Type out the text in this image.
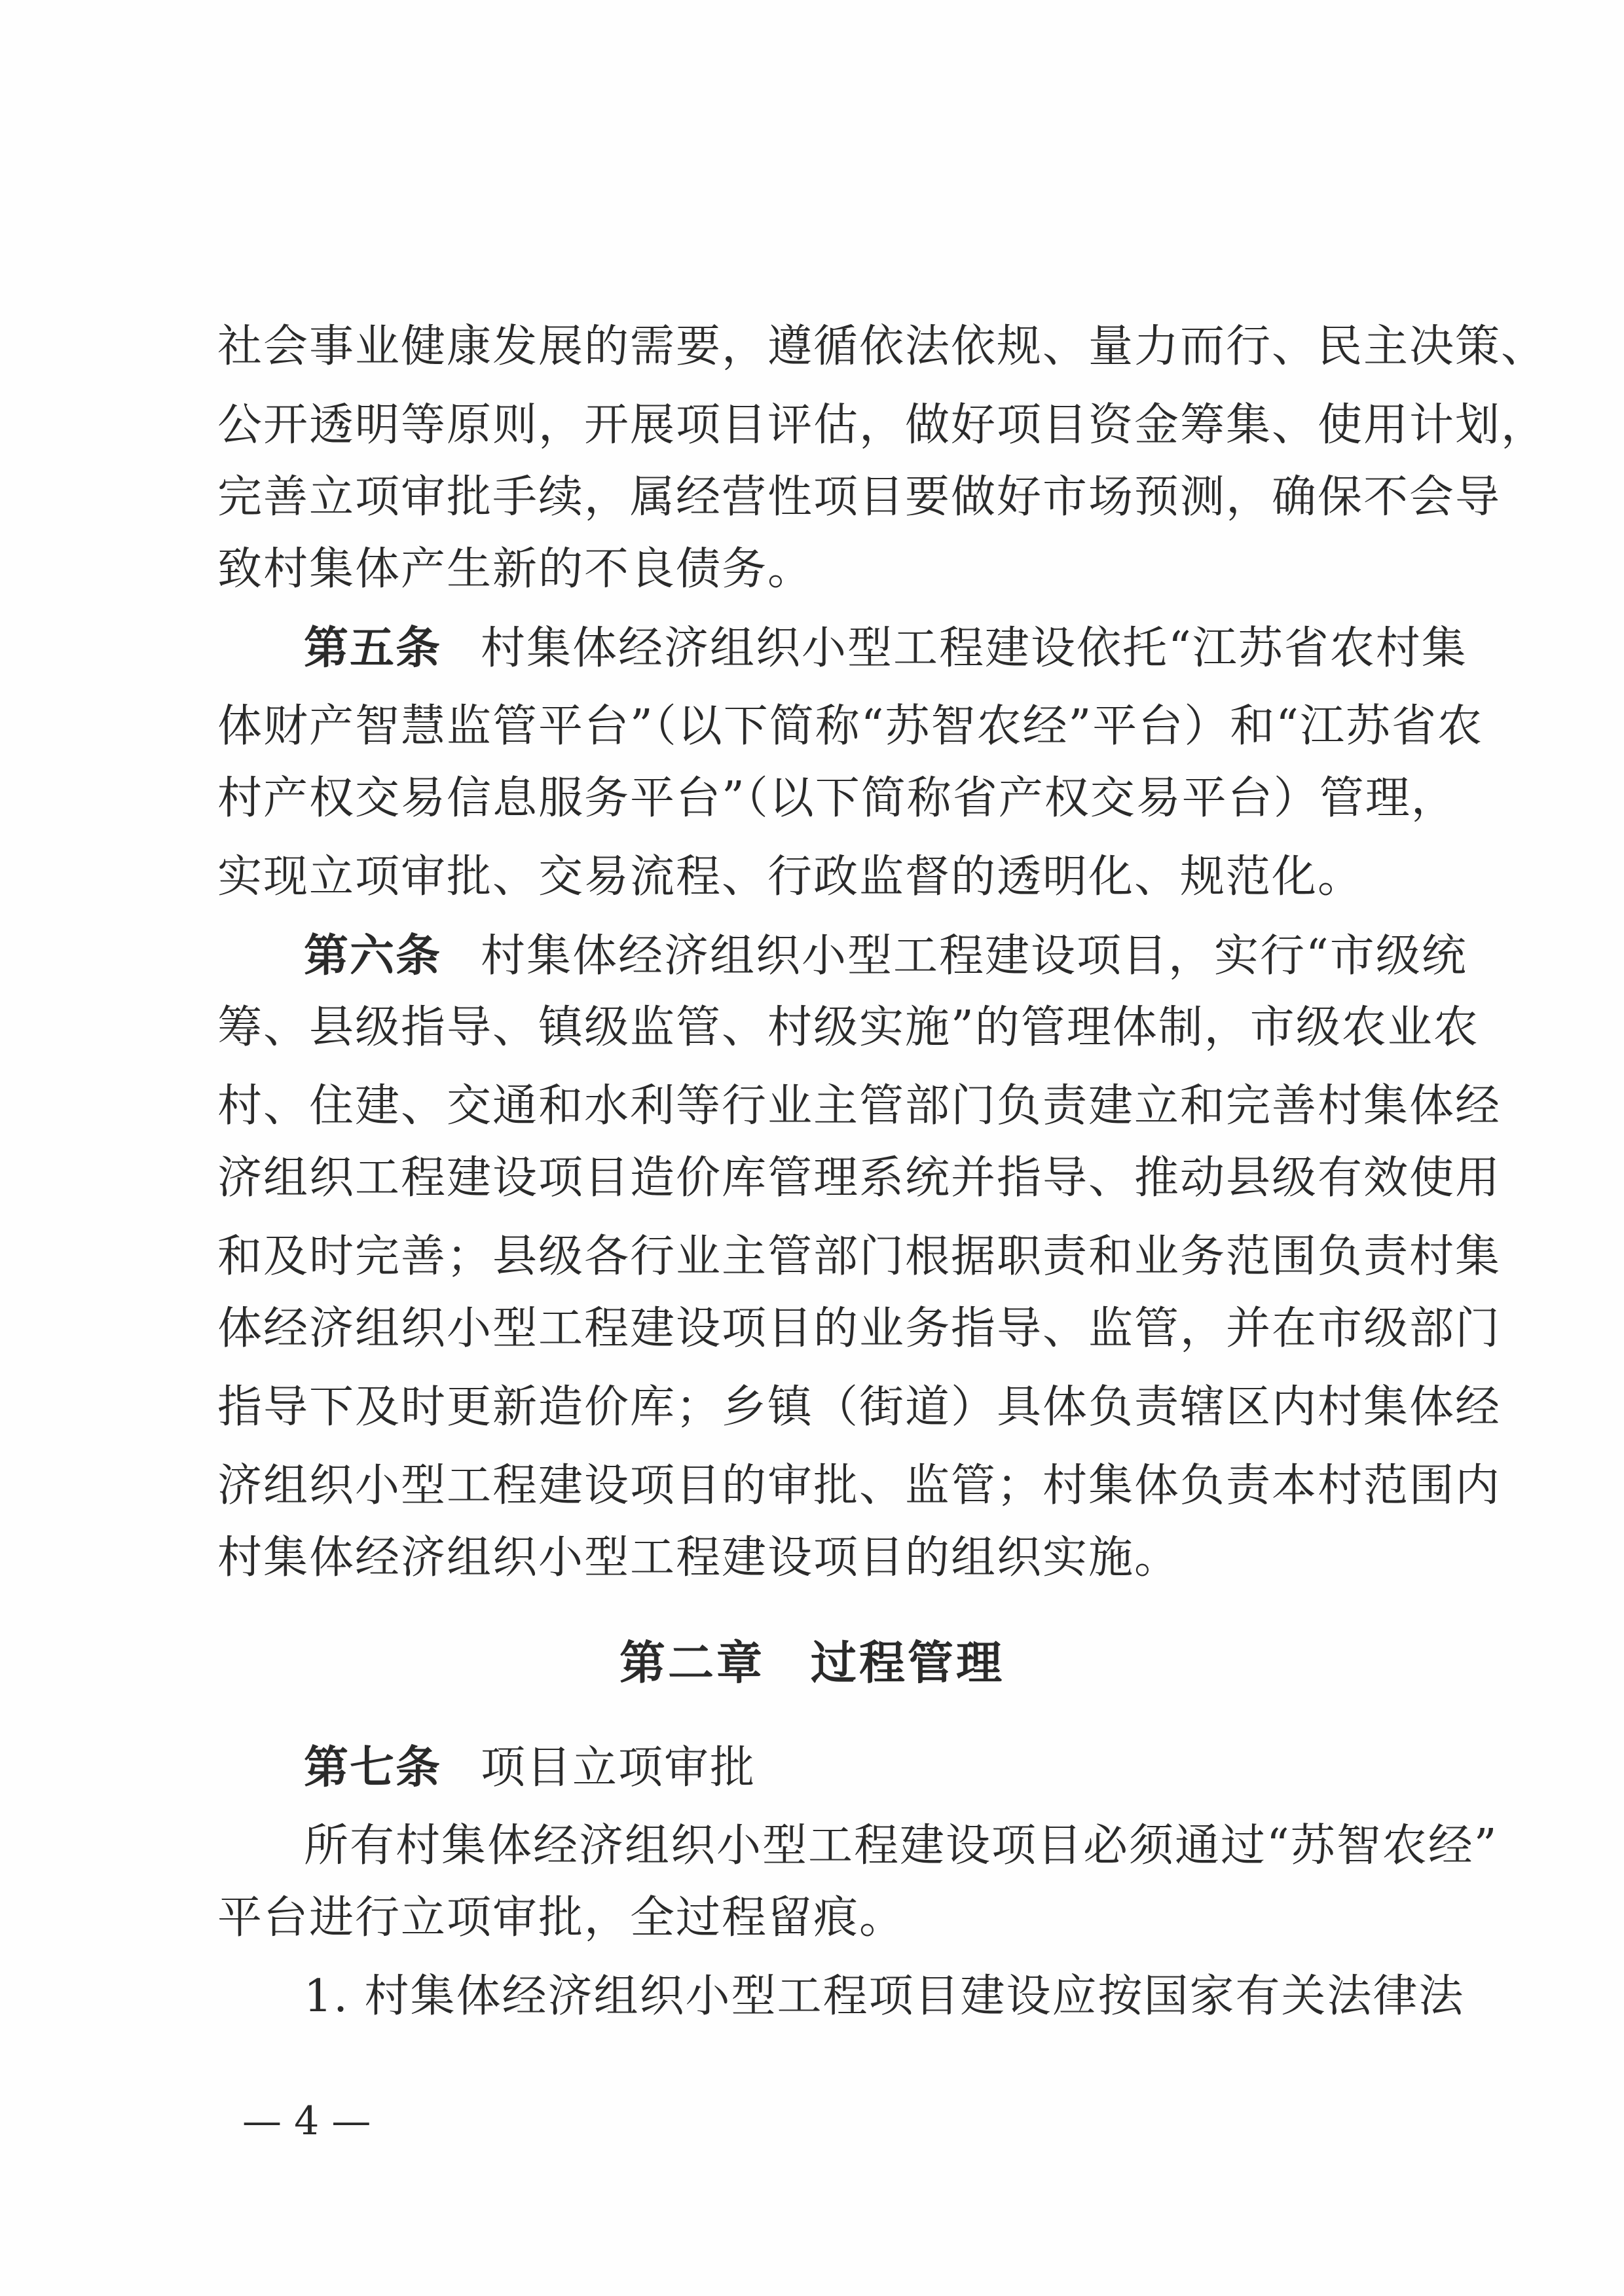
社会事业健康发展的需要，遵循依法依规、量力而行、民主决策、
公开透明等原则，开展项目评估，做好项目资金筹集、使用计划，
完善立项审批手续，属经营性项目要做好市场预测，确保不会导
致村集体产生新的不良债务。
第五条 村集体经济组织小型工程建设依托“江苏省农村集
体财产智慧监管平台”（以下简称“苏智农经”平台）和“江苏省农
村产权交易信息服务平台”（以下简称省产权交易平台）管理，
实现立项审批、交易流程、行政监督的透明化、规范化。
第六条 村集体经济组织小型工程建设项目，实行“市级统
筹、县级指导、镇级监管、村级实施”的管理体制，市级农业农
村、住建、交通和水利等行业主管部门负责建立和完善村集体经
济组织工程建设项目造价库管理系统并指导、推动县级有效使用
和及时完善；县级各行业主管部门根据职责和业务范围负责村集
体经济组织小型工程建设项目的业务指导、监管，并在市级部门
指导下及时更新造价库；乡镇（街道）具体负责辖区内村集体经
济组织小型工程建设项目的审批、监管；村集体负责本村范围内
村集体经济组织小型工程建设项目的组织实施。
第二章 过程管理
第七条 项目立项审批
所有村集体经济组织小型工程建设项目必须通过“苏智农经”
平台进行立项审批，全过程留痕。
1. 村集体经济组织小型工程项目建设应按国家有关法律法
— 4 —
